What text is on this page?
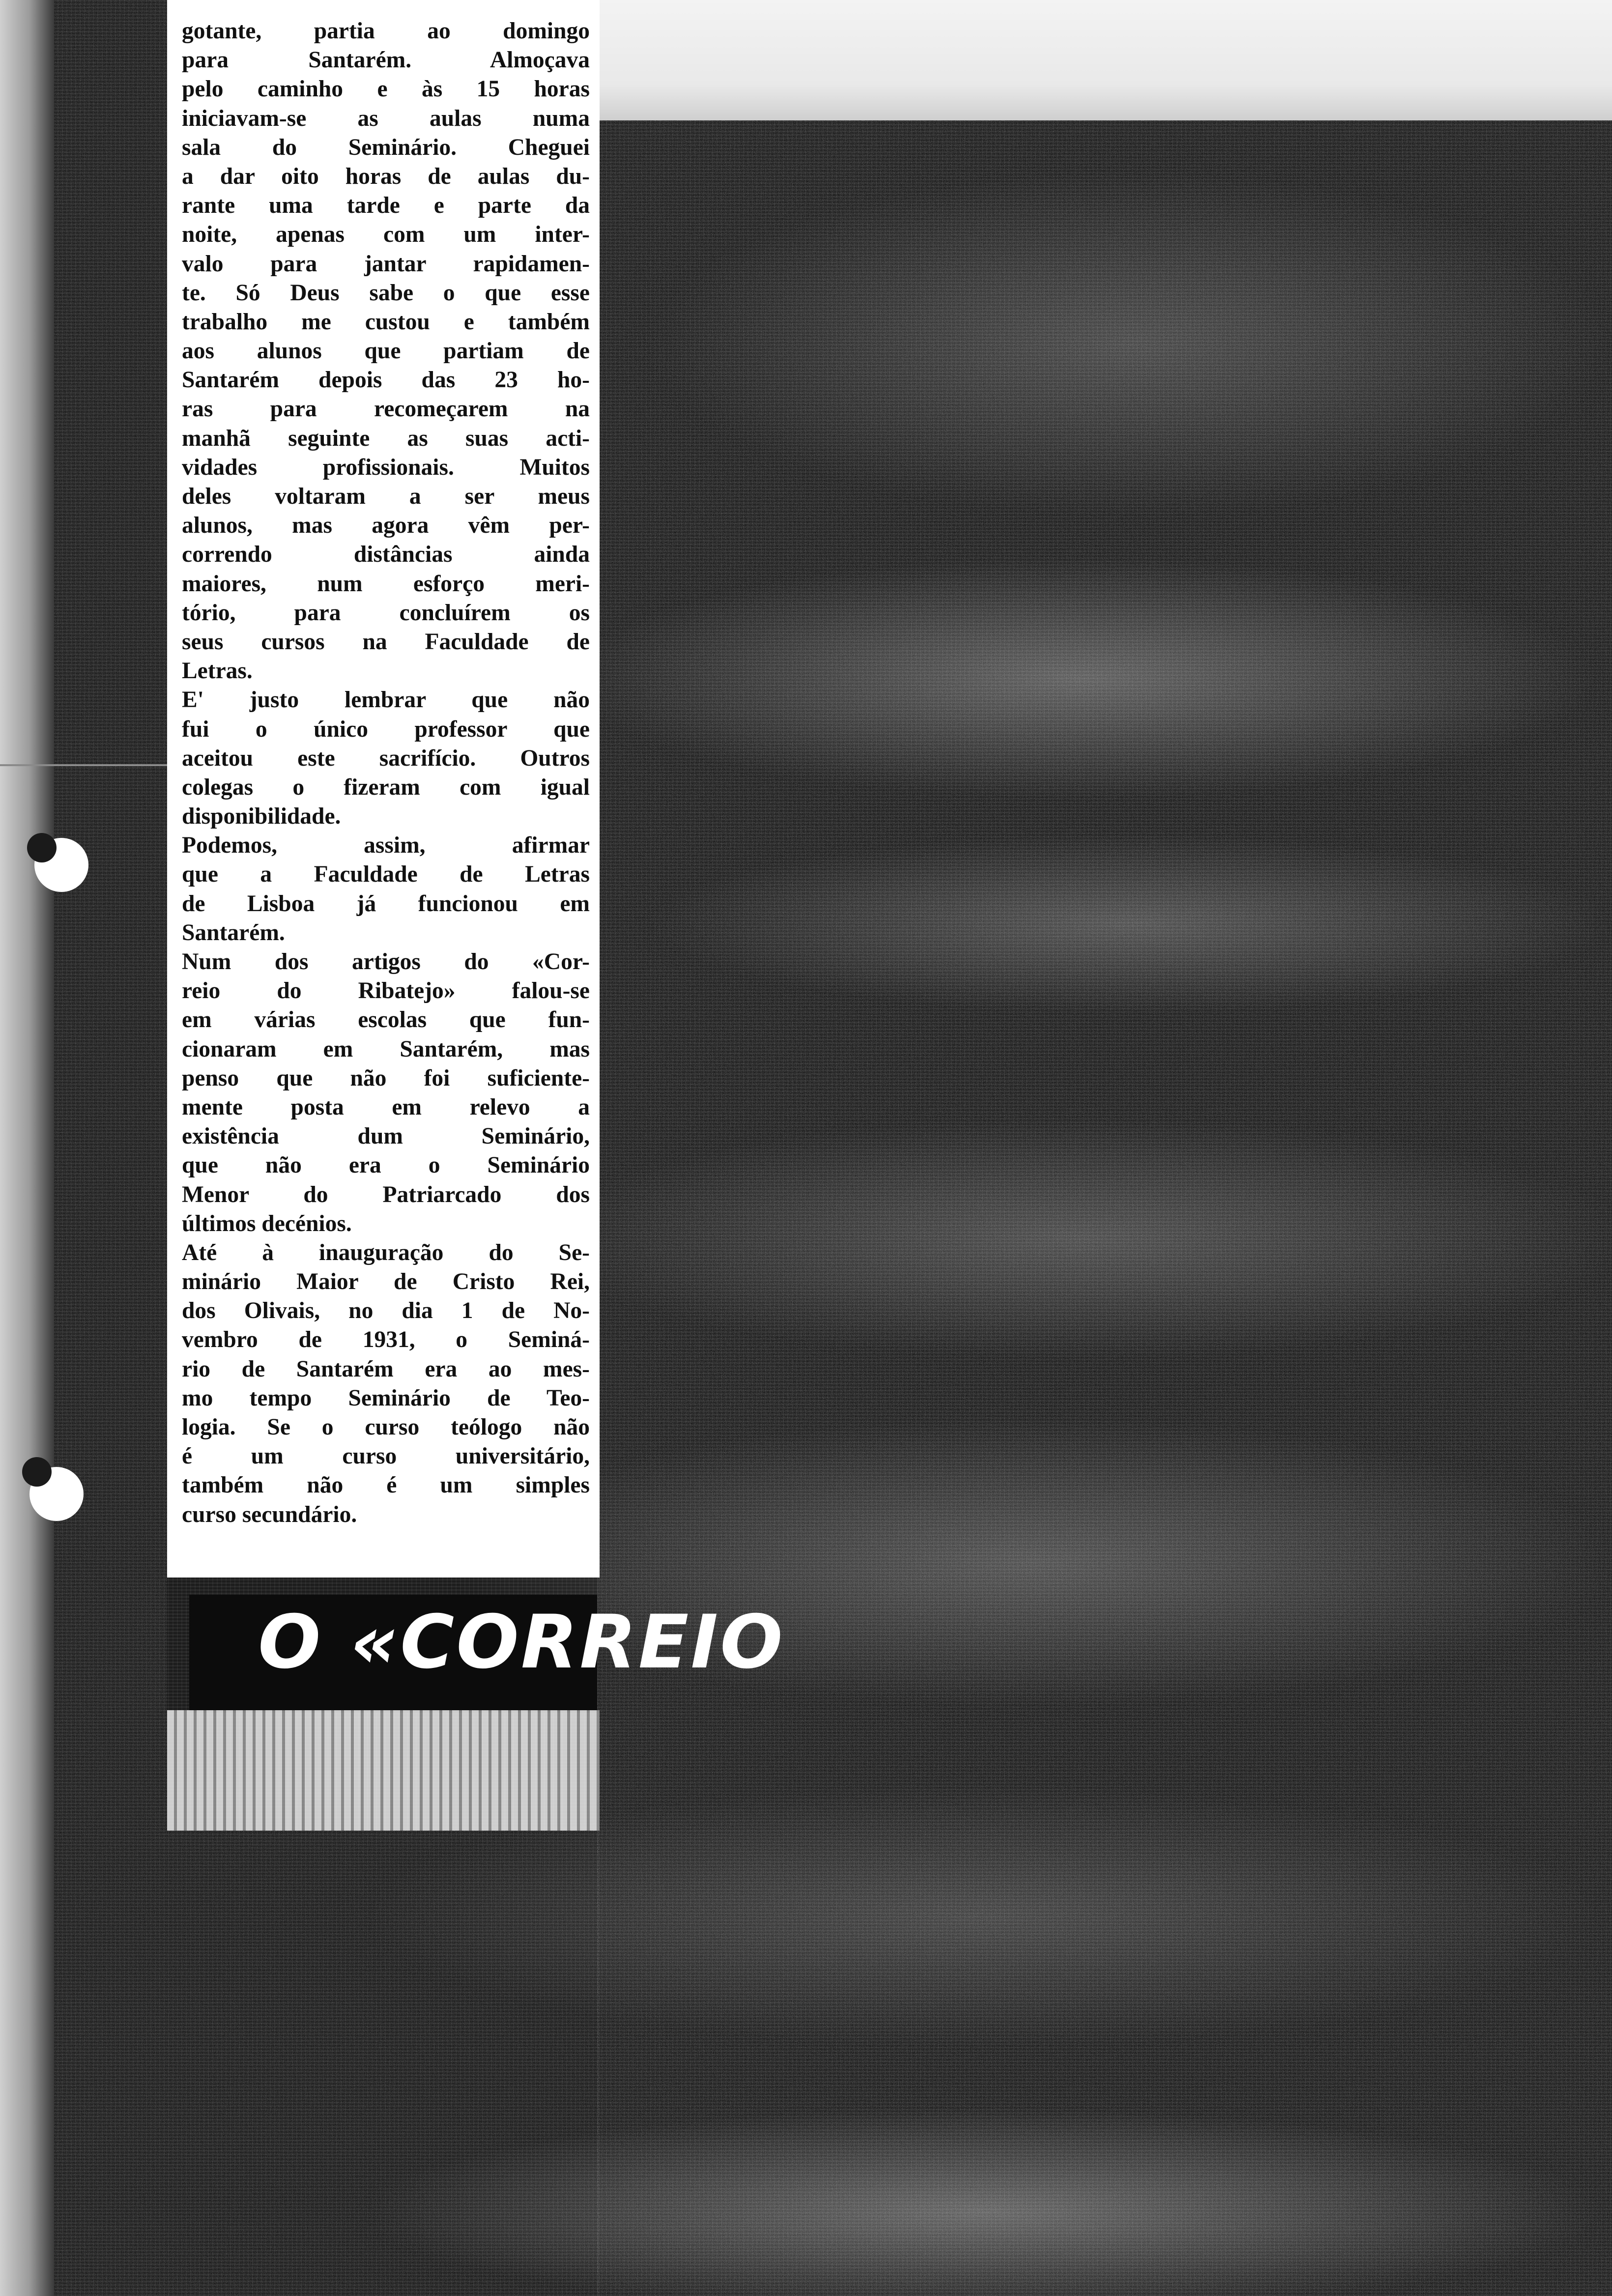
gotante, partia ao domingo
para Santarém. Almoçava
pelo caminho e às 15 horas
iniciavam-se as aulas numa
sala do Seminário. Cheguei
a dar oito horas de aulas du-
rante uma tarde e parte da
noite, apenas com um inter-
valo para jantar rapidamen-
te. Só Deus sabe o que esse
trabalho me custou e também
aos alunos que partiam de
Santarém depois das 23 ho-
ras para recomeçarem na
manhã seguinte as suas acti-
vidades profissionais. Muitos
deles voltaram a ser meus
alunos, mas agora vêm per-
correndo distâncias ainda
maiores, num esforço meri-
tório, para concluírem os
seus cursos na Faculdade de
Letras.
E' justo lembrar que não
fui o único professor que
aceitou este sacrifício. Outros
colegas o fizeram com igual
disponibilidade.
Podemos, assim, afirmar
que a Faculdade de Letras
de Lisboa já funcionou em
Santarém.
Num dos artigos do «Cor-
reio do Ribatejo» falou-se
em várias escolas que fun-
cionaram em Santarém, mas
penso que não foi suficiente-
mente posta em relevo a
existência dum Seminário,
que não era o Seminário
Menor do Patriarcado dos
últimos decénios.
Até à inauguração do Se-
minário Maior de Cristo Rei,
dos Olivais, no dia 1 de No-
vembro de 1931, o Seminá-
rio de Santarém era ao mes-
mo tempo Seminário de Teo-
logia. Se o curso teólogo não
é um curso universitário,
também não é um simples
curso secundário.
O «CORREIO
